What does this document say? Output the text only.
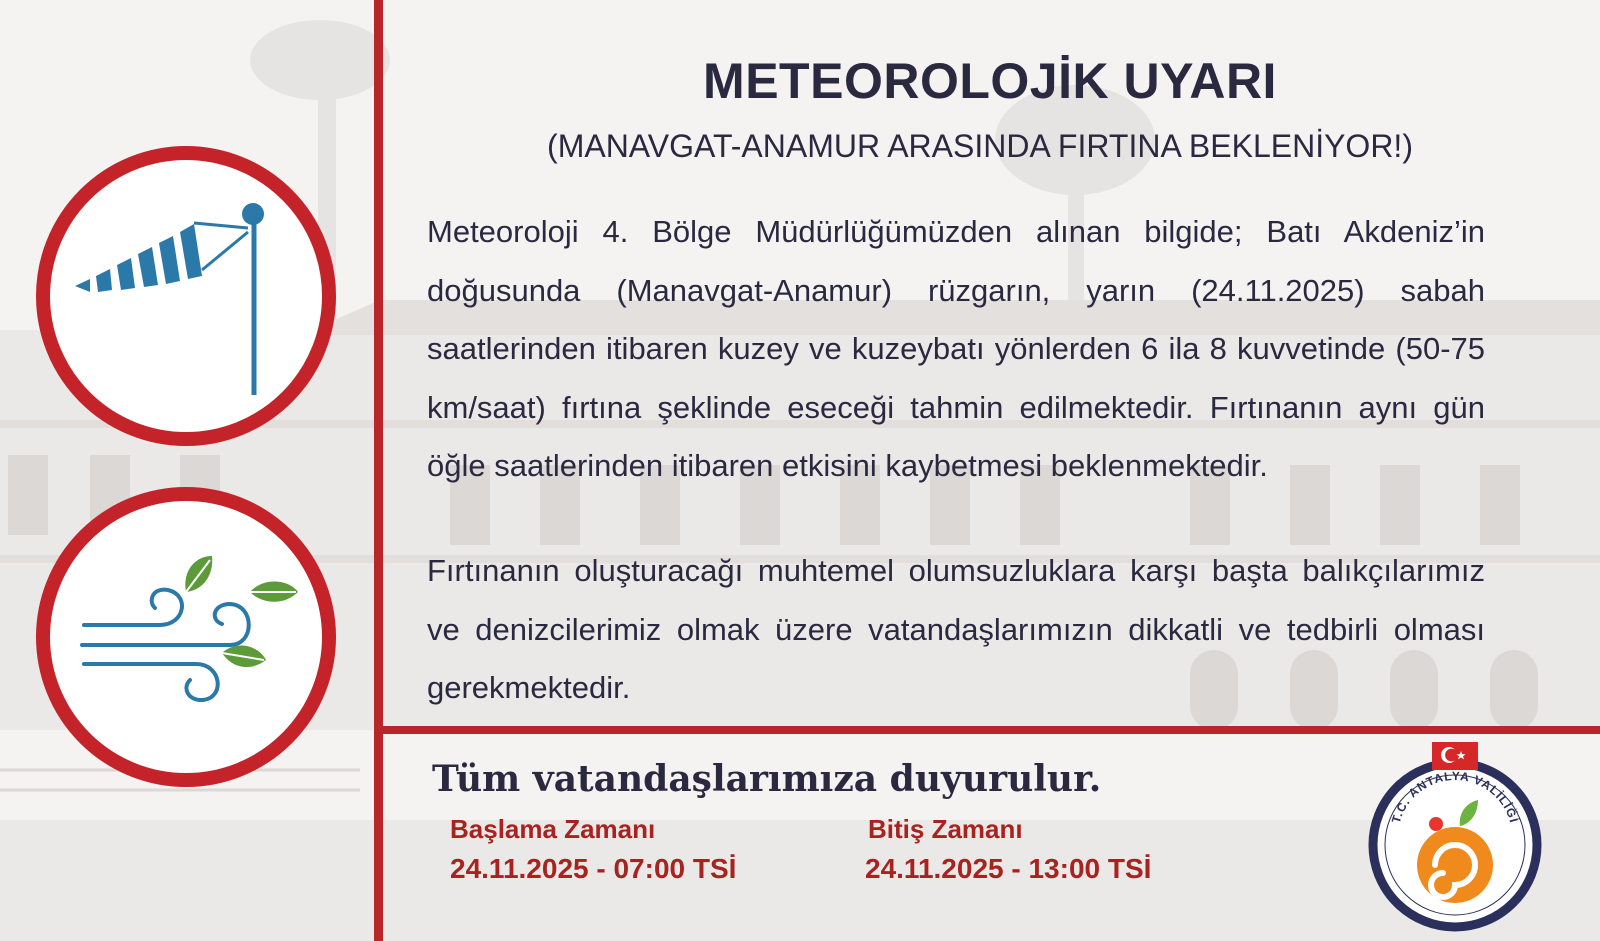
METEOROLOJİK UYARI

(MANAVGAT-ANAMUR ARASINDA FIRTINA BEKLENİYOR!)

Meteoroloji 4. Bölge Müdürlüğümüzden alınan bilgide; Batı Akdeniz’in doğusunda (Manavgat-Anamur) rüzgarın, yarın (24.11.2025) sabah saatlerinden itibaren kuzey ve kuzeybatı yönlerden 6 ila 8 kuvvetinde (50-75 km/saat) fırtına şeklinde eseceği tahmin edilmektedir. Fırtınanın aynı gün öğle saatlerinden itibaren etkisini kaybetmesi beklenmektedir.

Fırtınanın oluşturacağı muhtemel olumsuzluklara karşı başta balıkçılarımız ve denizcilerimiz olmak üzere vatandaşlarımızın dikkatli ve tedbirli olması gerekmektedir.

Tüm vatandaşlarımıza duyurulur.

Başlama Zamanı

24.11.2025 - 07:00 TSİ

Bitiş Zamanı

24.11.2025 - 13:00 TSİ

T.C. ANTALYA VALİLİĞİ
